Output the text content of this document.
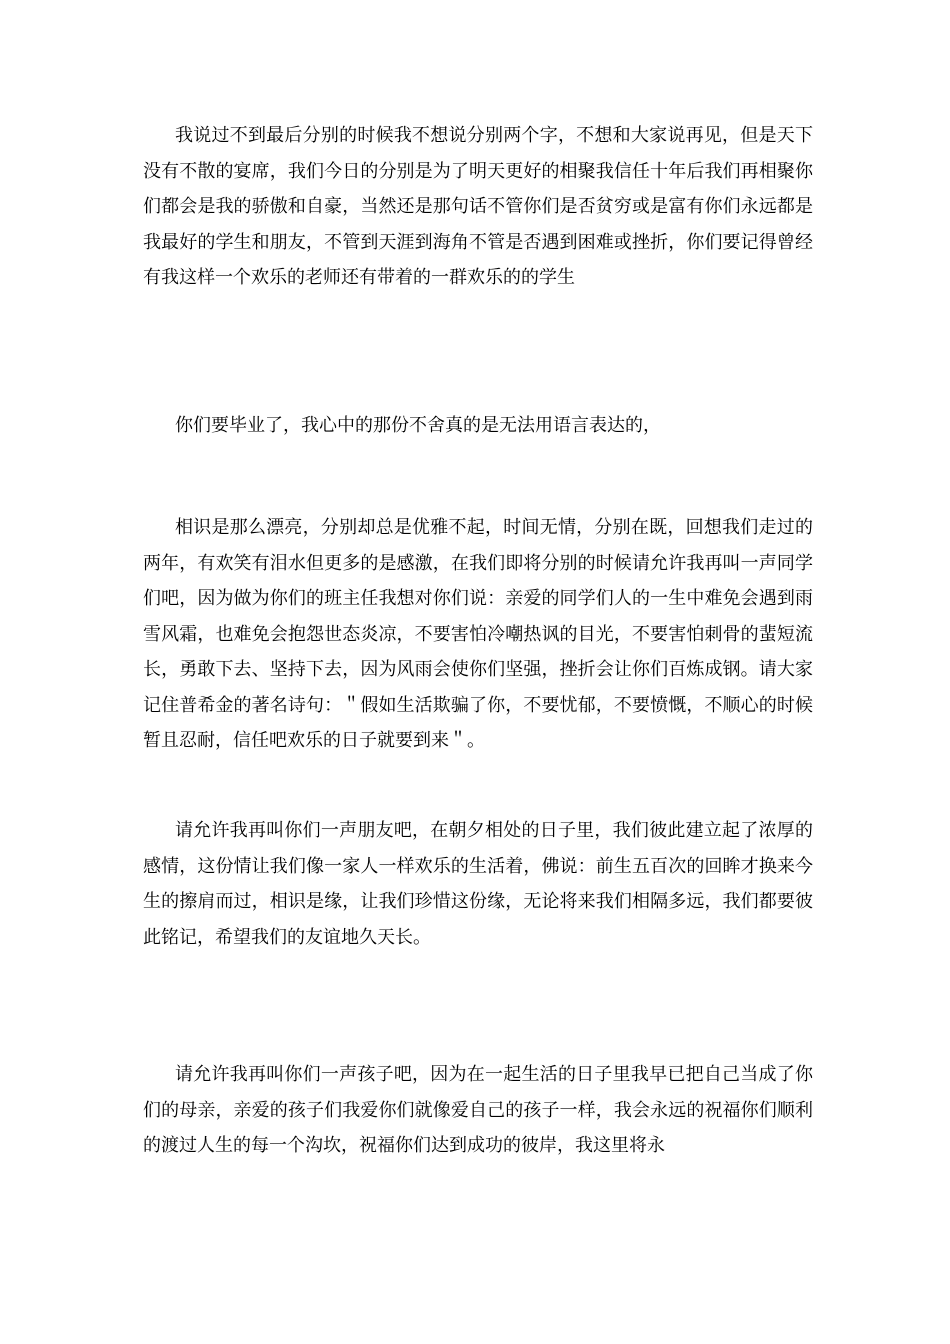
我说过不到最后分别的时候我不想说分别两个字，不想和大家说再见，但是天下没有不散的宴席，我们今日的分别是为了明天更好的相聚我信任十年后我们再相聚你们都会是我的骄傲和自豪，当然还是那句话不管你们是否贫穷或是富有你们永远都是我最好的学生和朋友，不管到天涯到海角不管是否遇到困难或挫折，你们要记得曾经有我这样一个欢乐的老师还有带着的一群欢乐的的学生

你们要毕业了，我心中的那份不舍真的是无法用语言表达的，

相识是那么漂亮，分别却总是优雅不起，时间无情，分别在既，回想我们走过的两年，有欢笑有泪水但更多的是感激，在我们即将分别的时候请允许我再叫一声同学们吧，因为做为你们的班主任我想对你们说：亲爱的同学们人的一生中难免会遇到雨雪风霜，也难免会抱怨世态炎凉，不要害怕冷嘲热讽的目光，不要害怕刺骨的蜚短流长，勇敢下去、坚持下去，因为风雨会使你们坚强，挫折会让你们百炼成钢。请大家记住普希金的著名诗句：＂假如生活欺骗了你，不要忧郁，不要愤慨，不顺心的时候暂且忍耐，信任吧欢乐的日子就要到来＂。

请允许我再叫你们一声朋友吧，在朝夕相处的日子里，我们彼此建立起了浓厚的感情，这份情让我们像一家人一样欢乐的生活着，佛说：前生五百次的回眸才换来今生的擦肩而过，相识是缘，让我们珍惜这份缘，无论将来我们相隔多远，我们都要彼此铭记，希望我们的友谊地久天长。

请允许我再叫你们一声孩子吧，因为在一起生活的日子里我早已把自己当成了你们的母亲，亲爱的孩子们我爱你们就像爱自己的孩子一样，我会永远的祝福你们顺利的渡过人生的每一个沟坎，祝福你们达到成功的彼岸，我这里将永
